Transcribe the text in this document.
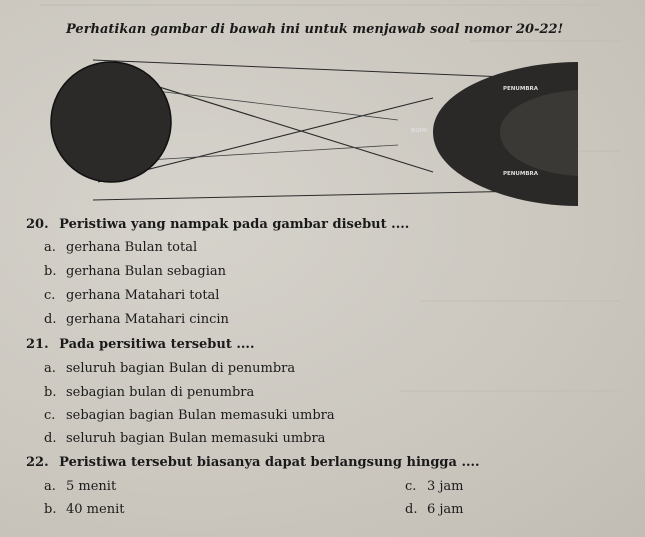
Perhatikan gambar di bawah ini untuk menjawab soal nomor 20-22!
PENUMBRA
BUMI
PENUMBRA
20. Peristiwa yang nampak pada gambar disebut ....
a. gerhana Bulan total
b. gerhana Bulan sebagian
c. gerhana Matahari total
d. gerhana Matahari cincin
21. Pada persitiwa tersebut ....
a. seluruh bagian Bulan di penumbra
b. sebagian bulan di penumbra
c. sebagian bagian Bulan memasuki umbra
d. seluruh bagian Bulan memasuki umbra
22. Peristiwa tersebut biasanya dapat berlangsung hingga ....
a. 5 menit
b. 40 menit
c. 3 jam
d. 6 jam
